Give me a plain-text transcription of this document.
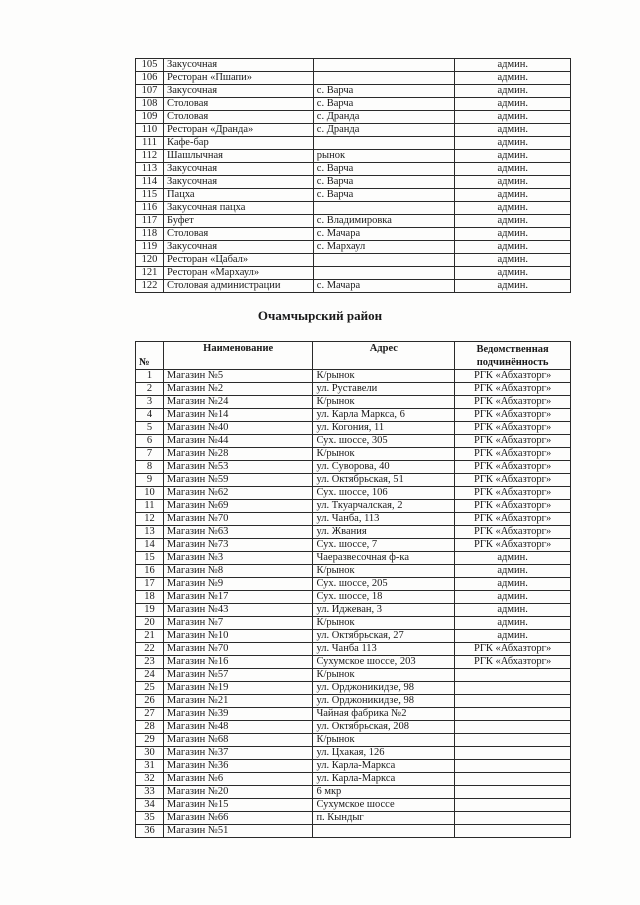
105	Закусочная		админ.
106	Ресторан «Пшапи»		админ.
107	Закусочная	с. Варча	админ.
108	Столовая	с. Варча	админ.
109	Столовая	с. Дранда	админ.
110	Ресторан «Дранда»	с. Дранда	админ.
111	Кафе-бар		админ.
112	Шашлычная	рынок	админ.
113	Закусочная	с. Варча	админ.
114	Закусочная	с. Варча	админ.
115	Пацха	с. Варча	админ.
116	Закусочная пацха		админ.
117	Буфет	с. Владимировка	админ.
118	Столовая	с. Мачара	админ.
119	Закусочная	с. Мархаул	админ.
120	Ресторан «Цабал»		админ.
121	Ресторан «Мархаул»		админ.
122	Столовая администрации	с. Мачара	админ.
Очамчырский район
№	Наименование	Адрес	Ведомственная подчинённость
1	Магазин №5	К/рынок	РГК «Абхазторг»
2	Магазин №2	ул. Руставели	РГК «Абхазторг»
3	Магазин №24	К/рынок	РГК «Абхазторг»
4	Магазин №14	ул. Карла Маркса, 6	РГК «Абхазторг»
5	Магазин №40	ул. Когония, 11	РГК «Абхазторг»
6	Магазин №44	Сух. шоссе, 305	РГК «Абхазторг»
7	Магазин №28	К/рынок	РГК «Абхазторг»
8	Магазин №53	ул. Суворова, 40	РГК «Абхазторг»
9	Магазин №59	ул. Октябрьская, 51	РГК «Абхазторг»
10	Магазин №62	Сух. шоссе, 106	РГК «Абхазторг»
11	Магазин №69	ул. Ткуарчалская, 2	РГК «Абхазторг»
12	Магазин №70	ул. Чанба, 113	РГК «Абхазторг»
13	Магазин №63	ул. Жвания	РГК «Абхазторг»
14	Магазин №73	Сух. шоссе, 7	РГК «Абхазторг»
15	Магазин №3	Чаеразвесочная ф-ка	админ.
16	Магазин №8	К/рынок	админ.
17	Магазин №9	Сух. шоссе, 205	админ.
18	Магазин №17	Сух. шоссе, 18	админ.
19	Магазин №43	ул. Иджеван, 3	админ.
20	Магазин №7	К/рынок	админ.
21	Магазин №10	ул. Октябрьская, 27	админ.
22	Магазин №70	ул. Чанба 113	РГК «Абхазторг»
23	Магазин №16	Сухумское шоссе, 203	РГК «Абхазторг»
24	Магазин №57	К/рынок	
25	Магазин №19	ул. Орджоникидзе, 98	
26	Магазин №21	ул. Орджоникидзе, 98	
27	Магазин №39	Чайная фабрика №2	
28	Магазин №48	ул. Октябрьская, 208	
29	Магазин №68	К/рынок	
30	Магазин №37	ул. Цхакая, 126	
31	Магазин №36	ул. Карла-Маркса	
32	Магазин №6	ул. Карла-Маркса	
33	Магазин №20	6 мкр	
34	Магазин №15	Сухумское шоссе	
35	Магазин №66	п. Кындыг	
36	Магазин №51		
